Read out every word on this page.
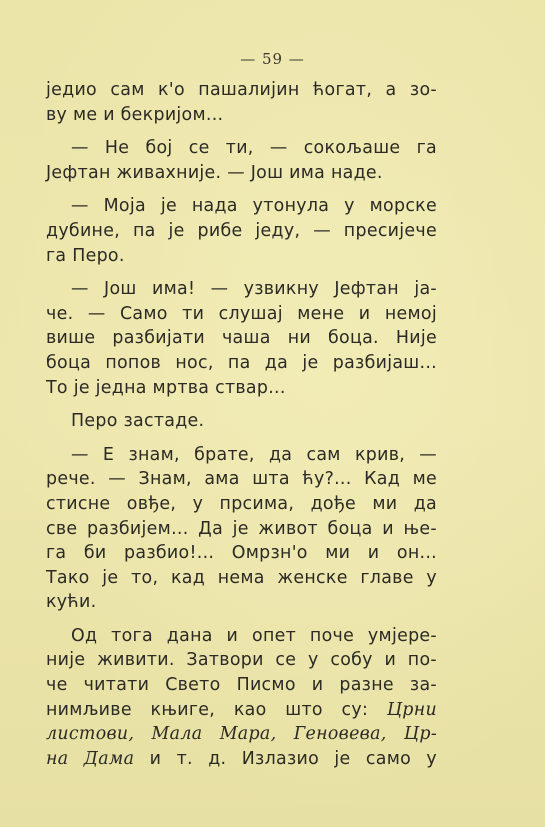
— 59 —
једио сам к'о пашалијин ћогат, а зо-
ву ме и бекријом...
— Не бој се ти, — сокољаше га
Јефтан живахније. — Још има наде.
— Моја је нада утонула у морске
дубине, па је рибе једу, — пресијече
га Перо.
— Још има! — узвикну Јефтан ја-
че. — Само ти слушај мене и немој
више разбијати чаша ни боца. Није
боца попов нос, па да је разбијаш...
То је једна мртва ствар...
Перо застаде.
— Е знам, брате, да сам крив, —
рече. — Знам, ама шта ћу?... Кад ме
стисне овђе, у прсима, дође ми да
све разбијем... Да је живот боца и ње-
га би разбио!... Омрзн'о ми и он...
Тако је то, кад нема женске главе у
кући.
Од тога дана и опет поче умјере-
није живити. Затвори се у собу и по-
че читати Свето Писмо и разне за-
нимљиве књиге, као што су: Црни
листови, Мала Мара, Геновева, Цр-
на Дама и т. д. Излазио је само у
